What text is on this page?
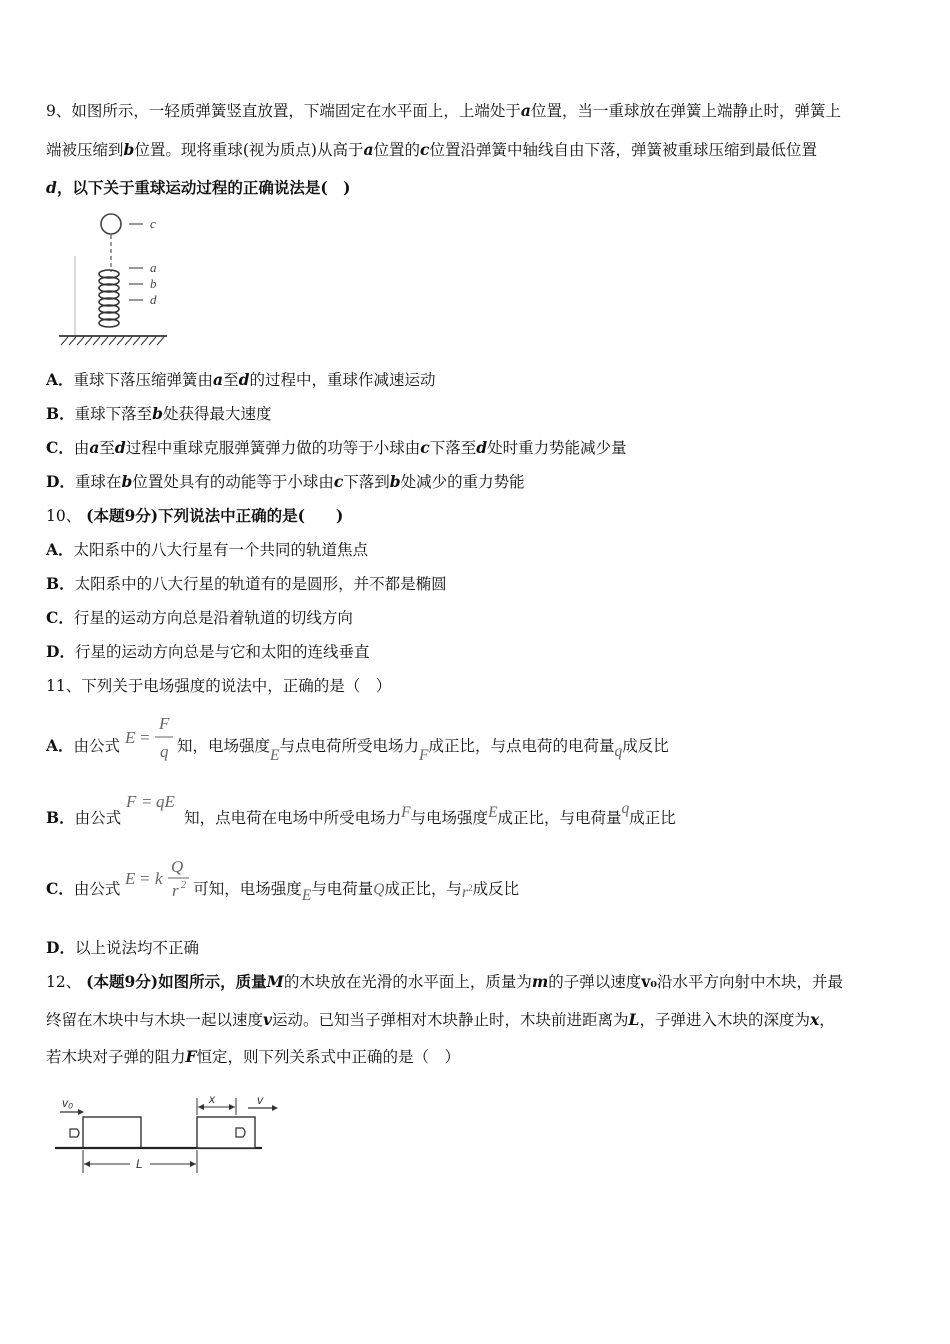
9、如图所示，一轻质弹簧竖直放置，下端固定在水平面上，上端处于a位置，当一重球放在弹簧上端静止时，弹簧上
端被压缩到b位置。现将重球(视为质点)从高于a位置的c位置沿弹簧中轴线自由下落，弹簧被重球压缩到最低位置
d，以下关于重球运动过程的正确说法是(　)
c
a
b
d
A．重球下落压缩弹簧由a至d的过程中，重球作减速运动
B．重球下落至b处获得最大速度
C．由a至d过程中重球克服弹簧弹力做的功等于小球由c下落至d处时重力势能减少量
D．重球在b位置处具有的动能等于小球由c下落到b处减少的重力势能
10、 (本题9分)下列说法中正确的是(　　)
A．太阳系中的八大行星有一个共同的轨道焦点
B．太阳系中的八大行星的轨道有的是圆形，并不都是椭圆
C．行星的运动方向总是沿着轨道的切线方向
D．行星的运动方向总是与它和太阳的连线垂直
11、下列关于电场强度的说法中，正确的是（　）
A．由公式 E =
F
q 知，电场强度E与点电荷所受电场力F成正比，与点电荷的电荷量q成反比
B．由公式
F = qE
知，点电荷在电场中所受电场力F与电场强度E成正比，与电荷量q成正比
C．由公式
E = k
Q
r 2 可知，电场强度E与电荷量Q成正比，与r2成反比
D．以上说法均不正确
12、 (本题9分)如图所示，质量M的木块放在光滑的水平面上，质量为m的子弹以速度v₀沿水平方向射中木块，并最
终留在木块中与木块一起以速度v运动。已知当子弹相对木块静止时，木块前进距离为L，子弹进入木块的深度为x，
若木块对子弹的阻力F恒定，则下列关系式中正确的是（　）
v₀	x	v
L
